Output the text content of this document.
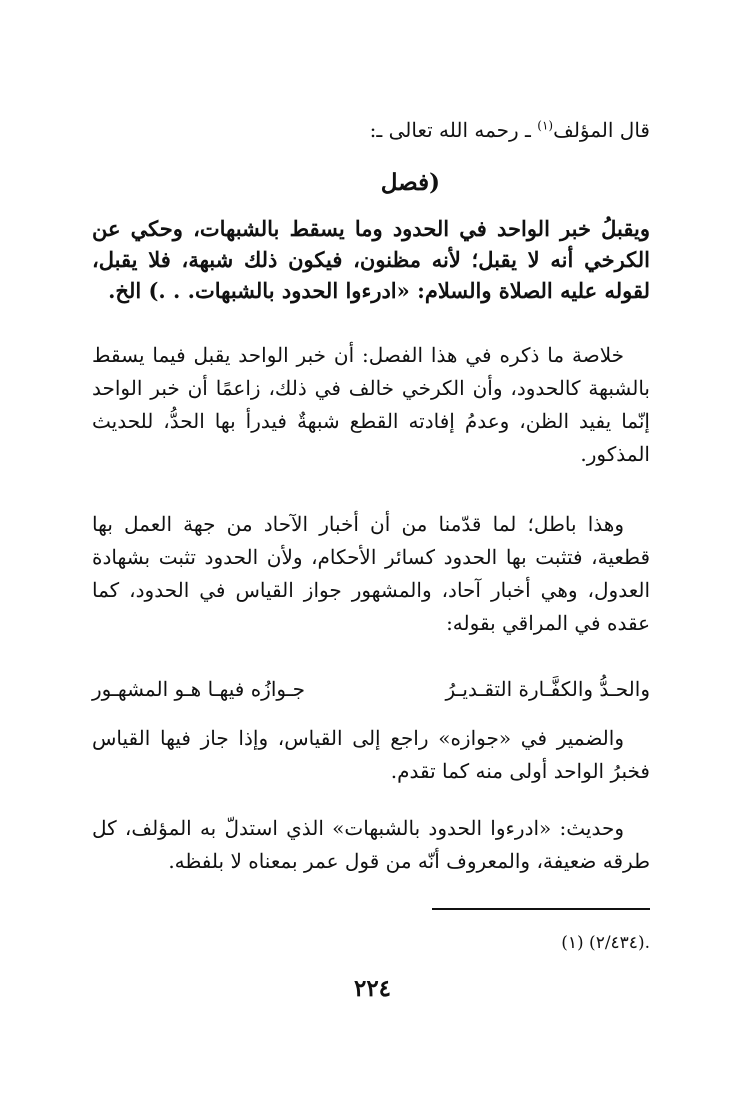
قال المؤلف$^{(١)}$ ـ رحمه الله تعالى ـ:
(فصل
ويقبلُ خبر الواحد في الحدود وما يسقط بالشبهات، وحكي عن الكرخي أنه لا يقبل؛ لأنه مظنون، فيكون ذلك شبهة، فلا يقبل، لقوله عليه الصلاة والسلام: «ادرءوا الحدود بالشبهات. . .) الخ.
خلاصة ما ذكره في هذا الفصل: أن خبر الواحد يقبل فيما يسقط بالشبهة كالحدود، وأن الكرخي خالف في ذلك، زاعمًا أن خبر الواحد إنّما يفيد الظن، وعدمُ إفادته القطع شبهةٌ فيدرأ بها الحدُّ، للحديث المذكور.
وهذا باطل؛ لما قدّمنا من أن أخبار الآحاد من جهة العمل بها قطعية، فتثبت بها الحدود كسائر الأحكام، ولأن الحدود تثبت بشهادة العدول، وهي أخبار آحاد، والمشهور جواز القياس في الحدود، كما عقده في المراقي بقوله:
والحـدُّ والكفَّـارة التقـديـرُ
جـوازُه فيهـا هـو المشهـور
والضمير في «جوازه» راجع إلى القياس، وإذا جاز فيها القياس فخبرُ الواحد أولى منه كما تقدم.
وحديث: «ادرءوا الحدود بالشبهات» الذي استدلّ به المؤلف، كل طرقه ضعيفة، والمعروف أنّه من قول عمر بمعناه لا بلفظه.
(١) (٢/٤٣٤).
٢٢٤
